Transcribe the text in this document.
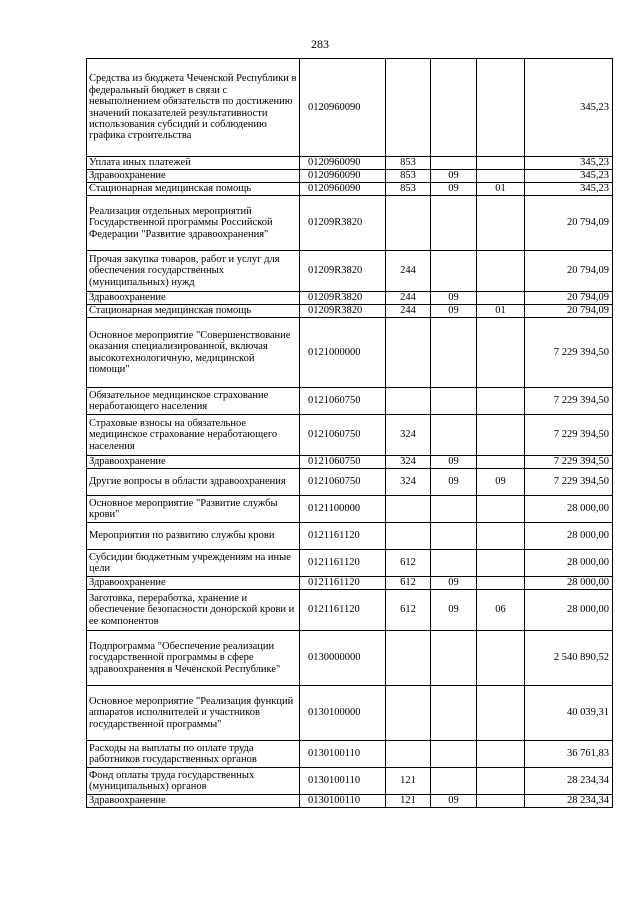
283
Средства из бюджета Чеченской Республики в федеральный бюджет в связи с невыполнением обязательств по достижению значений показателей результативности использования субсидий и соблюдению графика строительства	0120960090				345,23
Уплата иных платежей	0120960090	853			345,23
Здравоохранение	0120960090	853	09		345,23
Стационарная медицинская помощь	0120960090	853	09	01	345,23
Реализация отдельных мероприятий Государственной программы Российской Федерации "Развитие здравоохранения"	01209R3820				20 794,09
Прочая закупка товаров, работ и услуг для обеспечения государственных (муниципальных) нужд	01209R3820	244			20 794,09
Здравоохранение	01209R3820	244	09		20 794,09
Стационарная медицинская помощь	01209R3820	244	09	01	20 794,09
Основное мероприятие "Совершенствование оказания специализированной, включая высокотехнологичную, медицинской помощи"	0121000000				7 229 394,50
Обязательное медицинское страхование неработающего населения	0121060750				7 229 394,50
Страховые взносы на обязательное медицинское страхование неработающего населения	0121060750	324			7 229 394,50
Здравоохранение	0121060750	324	09		7 229 394,50
Другие вопросы в области здравоохранения	0121060750	324	09	09	7 229 394,50
Основное мероприятие "Развитие службы крови"	0121100000				28 000,00
Мероприятия по развитию службы крови	0121161120				28 000,00
Субсидии бюджетным учреждениям на иные цели	0121161120	612			28 000,00
Здравоохранение	0121161120	612	09		28 000,00
Заготовка, переработка, хранение и обеспечение безопасности донорской крови и ее компонентов	0121161120	612	09	06	28 000,00
Подпрограмма "Обеспечение реализации государственной программы в сфере здравоохранения в Чеченской Республике"	0130000000				2 540 890,52
Основное мероприятие "Реализация функций аппаратов исполнителей и участников государственной программы"	0130100000				40 039,31
Расходы на выплаты по оплате труда работников государственных органов	0130100110				36 761,83
Фонд оплаты труда государственных (муниципальных) органов	0130100110	121			28 234,34
Здравоохранение	0130100110	121	09		28 234,34
